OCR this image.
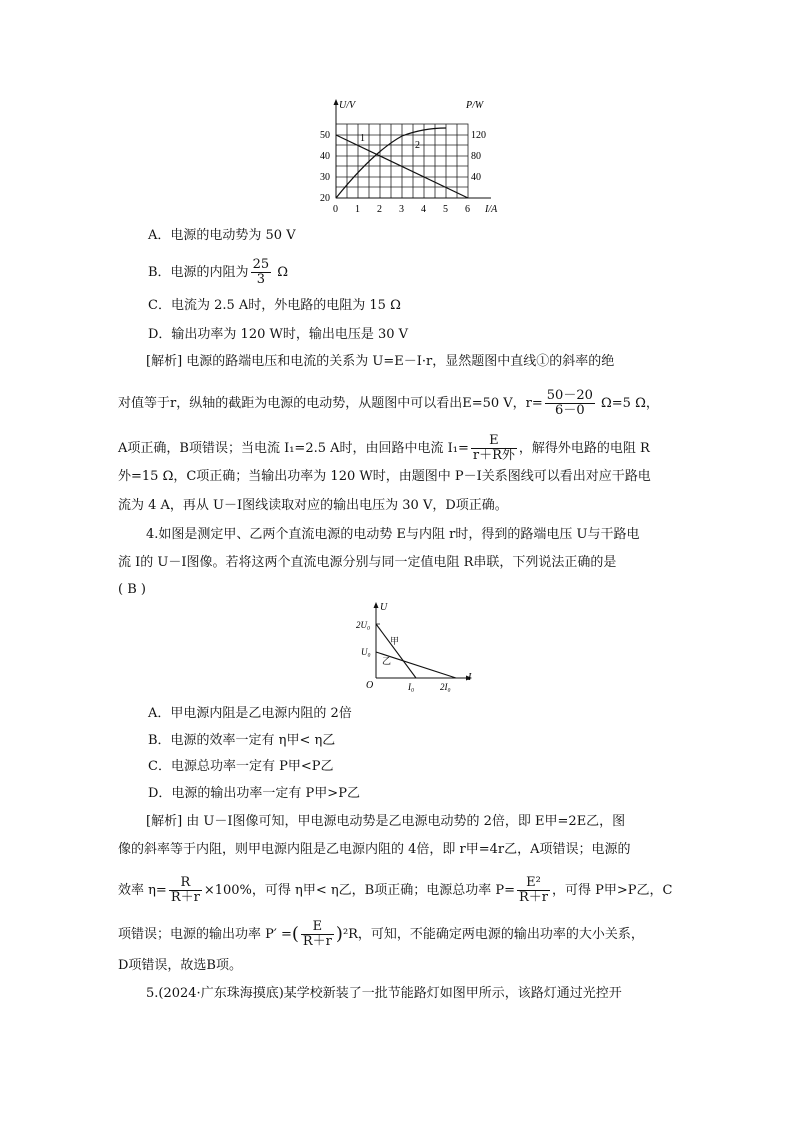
U/V	P/W
I/A
50
40
30
20
120
80
40
0 1 2 3 4 5 6
1
2
A．电源的电动势为 50 V
B．电源的内阻为 $\frac{25}{3}$ Ω
C．电流为 2.5 A时，外电路的电阻为 15 Ω
D．输出功率为 120 W时，输出电压是 30 V
[解析] 电源的路端电压和电流的关系为 U=E－I·r，显然题图中直线①的斜率的绝
对值等于r，纵轴的截距为电源的电动势，从题图中可以看出E=50 V，$r= \frac{50-20}{6-0} \Omega=5$ Ω，
A项正确，B项错误；当电流 I₁=2.5 A时，由回路中电流 $I_1= \frac{E}{\text{r＋R外}}$ ，解得外电路的电阻 R
外=15 Ω，C项正确；当输出功率为 120 W时，由题图中 P－I关系图线可以看出对应干路电
流为 4 A，再从 U－I图线读取对应的输出电压为 30 V，D项正确。
4.如图是测定甲、乙两个直流电源的电动势 E与内阻 r时，得到的路端电压 U与干路电
流 I的 U－I图像。若将这两个直流电源分别与同一定值电阻 R串联，下列说法正确的是
( B )
U
I
O
2U₀
U₀
I₀	2I₀
甲
乙
A．甲电源内阻是乙电源内阻的 2倍
B．电源的效率一定有 η甲< η乙
C．电源总功率一定有 P甲<P乙
D．电源的输出功率一定有 P甲>P乙
[解析] 由 U－I图像可知，甲电源电动势是乙电源电动势的 2倍，即 E甲=2E乙，图
像的斜率等于内阻，则甲电源内阻是乙电源内阻的 4倍，即 r甲=4r乙，A项错误；电源的
效率 $\eta= \frac{R}{R+r} \times 100\%$，可得 η甲< η乙，B项正确；电源总功率 $P= \frac{\text{E²}}{R+r}$ ，可得 P甲>P乙，C
项错误；电源的输出功率 P′ =( $\frac{E}{R+r} )^2R$，可知，不能确定两电源的输出功率的大小关系，
D项错误，故选B项。
5.(2024·广东珠海摸底)某学校新装了一批节能路灯如图甲所示，该路灯通过光控开
